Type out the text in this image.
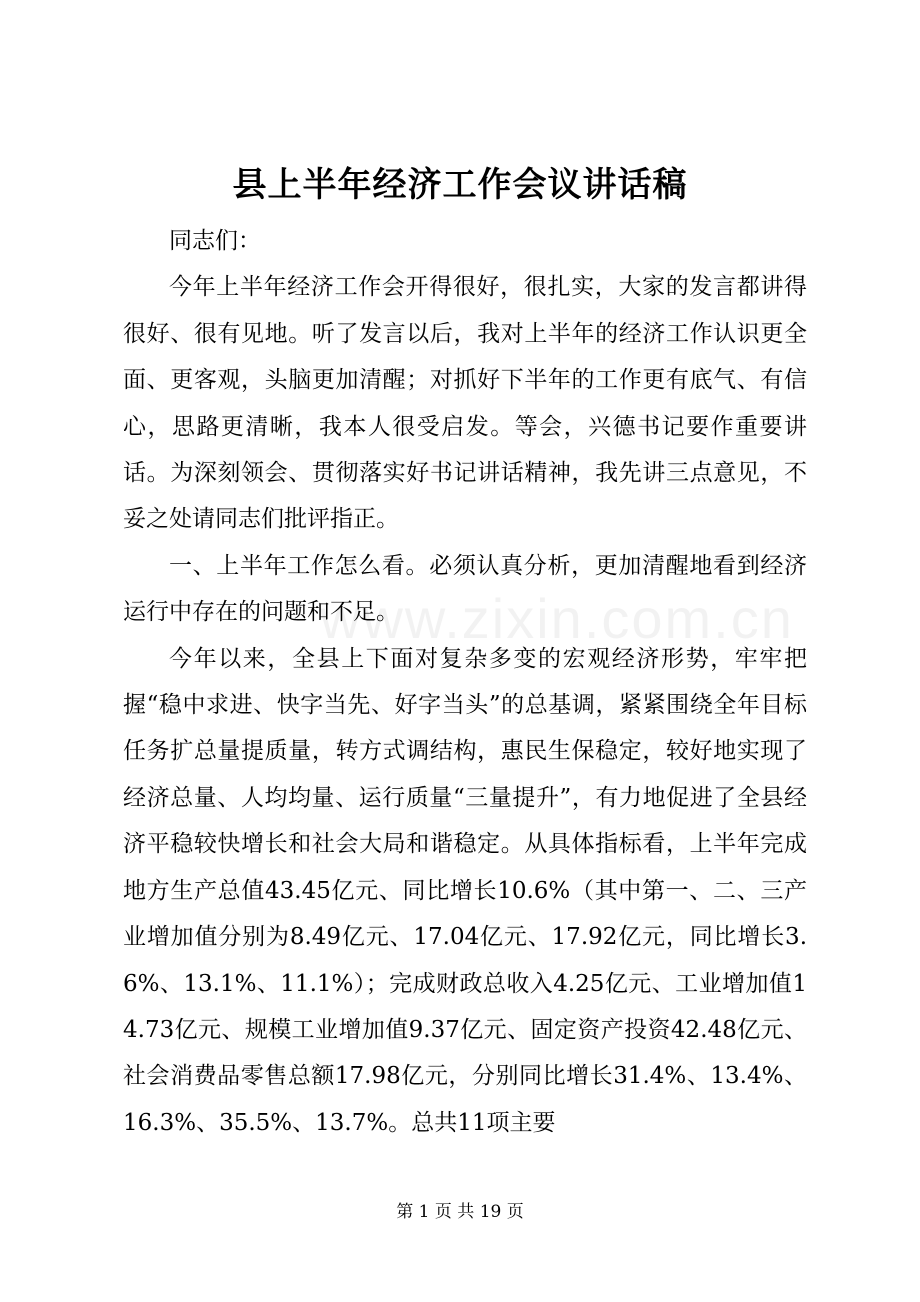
县上半年经济工作会议讲话稿

同志们：

今年上半年经济工作会开得很好，很扎实，大家的发言都讲得很好、很有见地。听了发言以后，我对上半年的经济工作认识更全面、更客观，头脑更加清醒；对抓好下半年的工作更有底气、有信心，思路更清晰，我本人很受启发。等会，兴德书记要作重要讲话。为深刻领会、贯彻落实好书记讲话精神，我先讲三点意见，不妥之处请同志们批评指正。

一、上半年工作怎么看。必须认真分析，更加清醒地看到经济运行中存在的问题和不足。

今年以来，全县上下面对复杂多变的宏观经济形势，牢牢把握“稳中求进、快字当先、好字当头”的总基调，紧紧围绕全年目标任务扩总量提质量，转方式调结构，惠民生保稳定，较好地实现了经济总量、人均均量、运行质量“三量提升”，有力地促进了全县经济平稳较快增长和社会大局和谐稳定。从具体指标看，上半年完成地方生产总值43.45亿元、同比增长10.6%（其中第一、二、三产业增加值分别为8.49亿元、17.04亿元、17.92亿元，同比增长3.6%、13.1%、11.1%）；完成财政总收入4.25亿元、工业增加值14.73亿元、规模工业增加值9.37亿元、固定资产投资42.48亿元、社会消费品零售总额17.98亿元，分别同比增长31.4%、13.4%、16.3%、35.5%、13.7%。总共11项主要

www.zixin.com.cn
第 1 页 共 19 页
